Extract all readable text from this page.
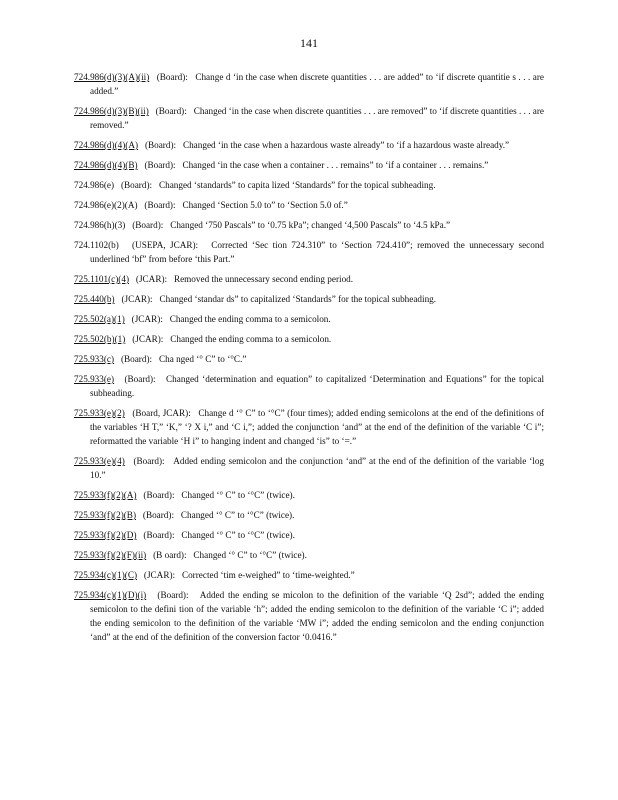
141
724.986(d)(3)(A)(ii) (Board): Change d ‘in the case when discrete quantities . . . are added” to ‘if discrete quantitie s . . . are added.”
724.986(d)(3)(B)(ii) (Board): Changed ‘in the case when discrete quantities . . . are removed” to ‘if discrete quantities . . . are removed.”
724.986(d)(4)(A) (Board): Changed ‘in the case when a hazardous waste already” to ‘if a hazardous waste already.”
724.986(d)(4)(B) (Board): Changed ‘in the case when a container . . . remains” to ‘if a container . . . remains.”
724.986(e) (Board): Changed ‘standards” to capita lized ‘Standards” for the topical subheading.
724.986(e)(2)(A) (Board): Changed ‘Section 5.0 to” to ‘Section 5.0 of.”
724.986(h)(3) (Board): Changed ‘750 Pascals” to ‘0.75 kPa”; changed ‘4,500 Pascals” to ‘4.5 kPa.”
724.1102(b) (USEPA, JCAR): Corrected ‘Sec tion 724.310” to ‘Section 724.410”; removed the unnecessary second underlined ‘bf” from before ‘this Part.”
725.1101(c)(4) (JCAR): Removed the unnecessary second ending period.
725.440(b) (JCAR): Changed ‘standar ds” to capitalized ‘Standards” for the topical subheading.
725.502(a)(1) (JCAR): Changed the ending comma to a semicolon.
725.502(b)(1) (JCAR): Changed the ending comma to a semicolon.
725.933(c) (Board): Cha nged ‘° C” to ‘°C.”
725.933(e) (Board): Changed ‘determination and equation” to capitalized ‘Determination and Equations” for the topical subheading.
725.933(e)(2) (Board, JCAR): Change d ‘° C” to ‘°C” (four times); added ending semicolons at the end of the definitions of the variables ‘H T,” ‘K,” ‘? X i,” and ‘C i,”; added the conjunction ‘and” at the end of the definition of the variable ‘C i”; reformatted the variable ‘H i” to hanging indent and changed ‘is” to ‘=.”
725.933(e)(4) (Board): Added ending semicolon and the conjunction ‘and” at the end of the definition of the variable ‘log 10.”
725.933(f)(2)(A) (Board): Changed ‘° C” to ‘°C” (twice).
725.933(f)(2)(B) (Board): Changed ‘° C” to ‘°C” (twice).
725.933(f)(2)(D) (Board): Changed ‘° C” to ‘°C” (twice).
725.933(f)(2)(F)(ii) (B oard): Changed ‘° C” to ‘°C” (twice).
725.934(c)(1)(C) (JCAR): Corrected ‘tim e-weighed” to ‘time-weighted.”
725.934(c)(1)(D)(i) (Board): Added the ending se micolon to the definition of the variable ‘Q 2sd”; added the ending semicolon to the defini tion of the variable ‘h”; added the ending semicolon to the definition of the variable ‘C i”; added the ending semicolon to the definition of the variable ‘MW i”; added the ending semicolon and the ending conjunction ‘and” at the end of the definition of the conversion factor ‘0.0416.”
